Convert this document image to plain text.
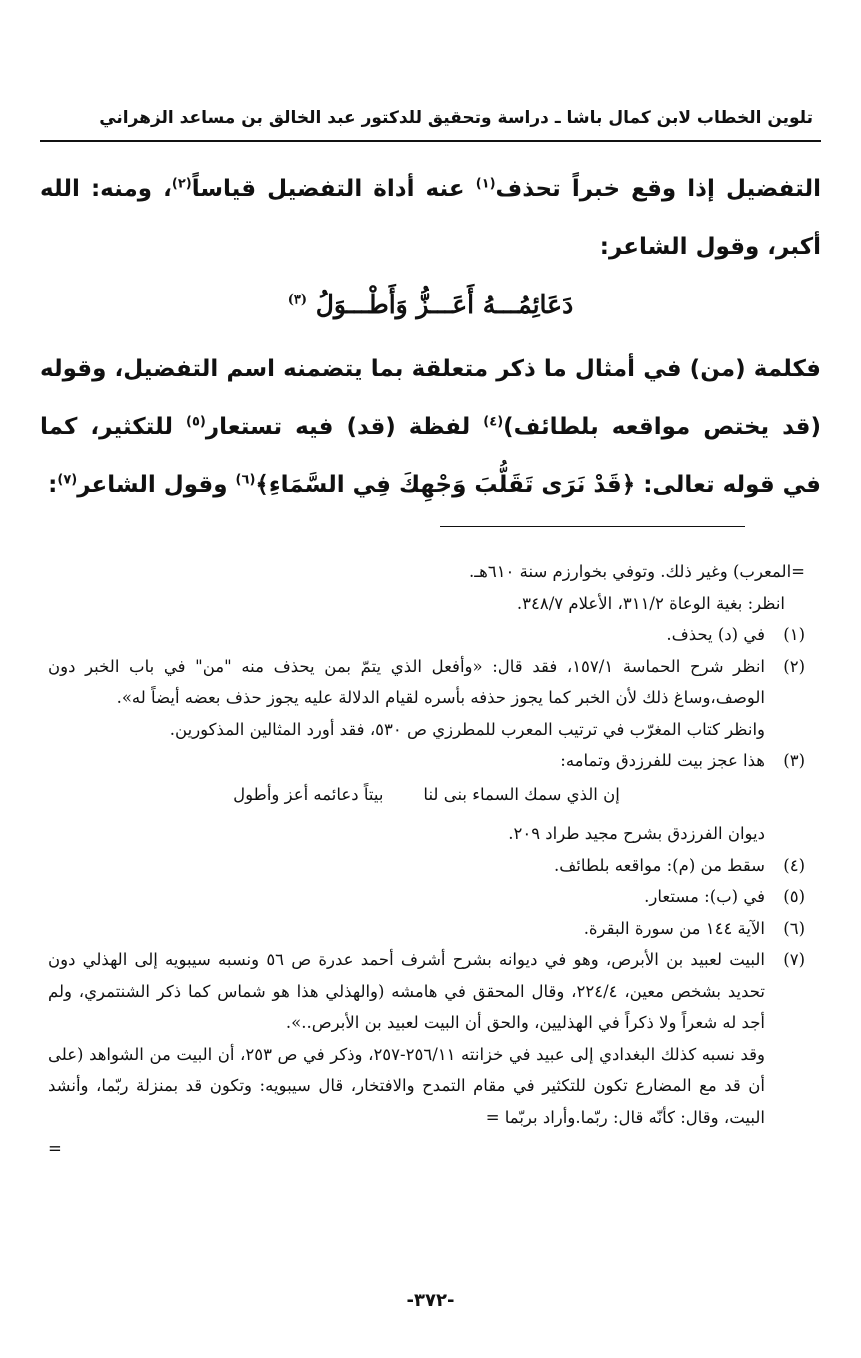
تلوين الخطاب لابن كمال باشا ـ دراسة وتحقيق للدكتور عبد الخالق بن مساعد الزهراني

التفضيل إذا وقع خبراً تحذف$^{(١)}$ عنه أداة التفضيل قياساً$^{(٢)}$، ومنه: الله أكبر، وقول الشاعر:

دَعَائِمُـــهُ أَعَـــزُّ وَأَطْـــوَلُ $^{(٣)}$

فكلمة (من) في أمثال ما ذكر متعلقة بما يتضمنه اسم التفضيل، وقوله (قد يختص مواقعه بلطائف)$^{(٤)}$ لفظة (قد) فيه تستعار$^{(٥)}$ للتكثير، كما في قوله تعالى: ﴿قَدْ نَرَى تَقَلُّبَ وَجْهِكَ فِي السَّمَاءِ﴾$^{(٦)}$ وقول الشاعر$^{(٧)}$:

=المعرب) وغير ذلك. وتوفي بخوارزم سنة ٦١٠هـ.

انظر: بغية الوعاة ٣١١/٢، الأعلام ٣٤٨/٧.

(١)
في (د) يحذف.
(٢)
انظر شرح الحماسة ١٥٧/١، فقد قال: «وأفعل الذي يتمّ بمن يحذف منه "من" في باب الخبر دون الوصف،وساغ ذلك لأن الخبر كما يجوز حذفه بأسره لقيام الدلالة عليه يجوز حذف بعضه أيضاً له».

وانظر كتاب المغرّب في ترتيب المعرب للمطرزي ص ٥٣٠، فقد أورد المثالين المذكورين.

(٣)
هذا عجز بيت للفرزدق وتمامه:
إن الذي سمك السماء بنى لنا
بيتاً دعائمه أعز وأطول

ديوان الفرزدق بشرح مجيد طراد ٢٠٩.

(٤)
سقط من (م): مواقعه بلطائف.
(٥)
في (ب): مستعار.
(٦)
الآية ١٤٤ من سورة البقرة.
(٧)
البيت لعبيد بن الأبرص، وهو في ديوانه بشرح أشرف أحمد عدرة ص ٥٦ ونسبه سيبويه إلى الهذلي دون تحديد بشخص معين، ٢٢٤/٤، وقال المحقق في هامشه (والهذلي هذا هو شماس كما ذكر الشنتمري، ولم أجد له شعراً ولا ذكراً في الهذليين، والحق أن البيت لعبيد بن الأبرص..».

وقد نسبه كذلك البغدادي إلى عبيد في خزانته ٢٥٦/١١-٢٥٧، وذكر في ص ٢٥٣، أن البيت من الشواهد (على أن قد مع المضارع تكون للتكثير في مقام التمدح والافتخار، قال سيبويه: وتكون قد بمنزلة ربّما، وأنشد البيت، وقال: كأنّه قال: ربّما.وأراد بربّما =

=

-٣٧٢-
